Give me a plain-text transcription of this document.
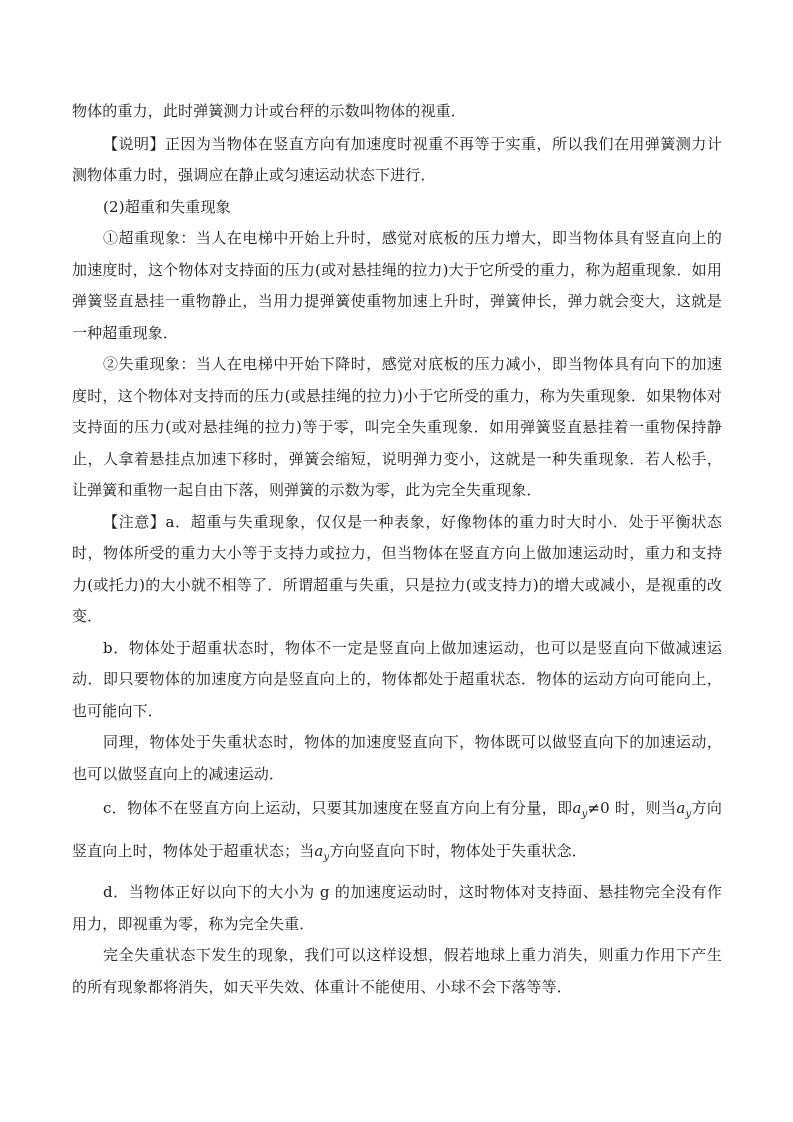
物体的重力，此时弹簧测力计或台秤的示数叫物体的视重．

【说明】正因为当物体在竖直方向有加速度时视重不再等于实重，所以我们在用弹簧测力计测物体重力时，强调应在静止或匀速运动状态下进行．

(2)超重和失重现象

①超重现象：当人在电梯中开始上升时，感觉对底板的压力增大，即当物体具有竖直向上的加速度时，这个物体对支持面的压力(或对悬挂绳的拉力)大于它所受的重力，称为超重现象．如用弹簧竖直悬挂一重物静止，当用力提弹簧使重物加速上升时，弹簧伸长，弹力就会变大，这就是一种超重现象．

②失重现象：当人在电梯中开始下降时，感觉对底板的压力减小，即当物体具有向下的加速度时，这个物体对支持而的压力(或悬挂绳的拉力)小于它所受的重力，称为失重现象．如果物体对支持面的压力(或对悬挂绳的拉力)等于零，叫完全失重现象．如用弹簧竖直悬挂着一重物保持静止，人拿着悬挂点加速下移时，弹簧会缩短，说明弹力变小，这就是一种失重现象．若人松手，让弹簧和重物一起自由下落，则弹簧的示数为零，此为完全失重现象．

【注意】a．超重与失重现象，仅仅是一种表象，好像物体的重力时大时小．处于平衡状态时，物体所受的重力大小等于支持力或拉力，但当物体在竖直方向上做加速运动时，重力和支持力(或托力)的大小就不相等了．所谓超重与失重，只是拉力(或支持力)的增大或减小，是视重的改变．

b．物体处于超重状态时，物体不一定是竖直向上做加速运动，也可以是竖直向下做减速运动．即只要物体的加速度方向是竖直向上的，物体都处于超重状态．物体的运动方向可能向上，也可能向下．

同理，物体处于失重状态时，物体的加速度竖直向下，物体既可以做竖直向下的加速运动，也可以做竖直向上的减速运动．

c．物体不在竖直方向上运动，只要其加速度在竖直方向上有分量，即$a_y\ne 0$ 时，则当$a_y$方向竖直向上时，物体处于超重状态；当$a_y$方向竖直向下时，物体处于失重状念．

d．当物体正好以向下的大小为 g 的加速度运动时，这时物体对支持面、悬挂物完全没有作用力，即视重为零，称为完全失重．

完全失重状态下发生的现象，我们可以这样设想，假若地球上重力消失，则重力作用下产生的所有现象都将消失，如天平失效、体重计不能使用、小球不会下落等等．
